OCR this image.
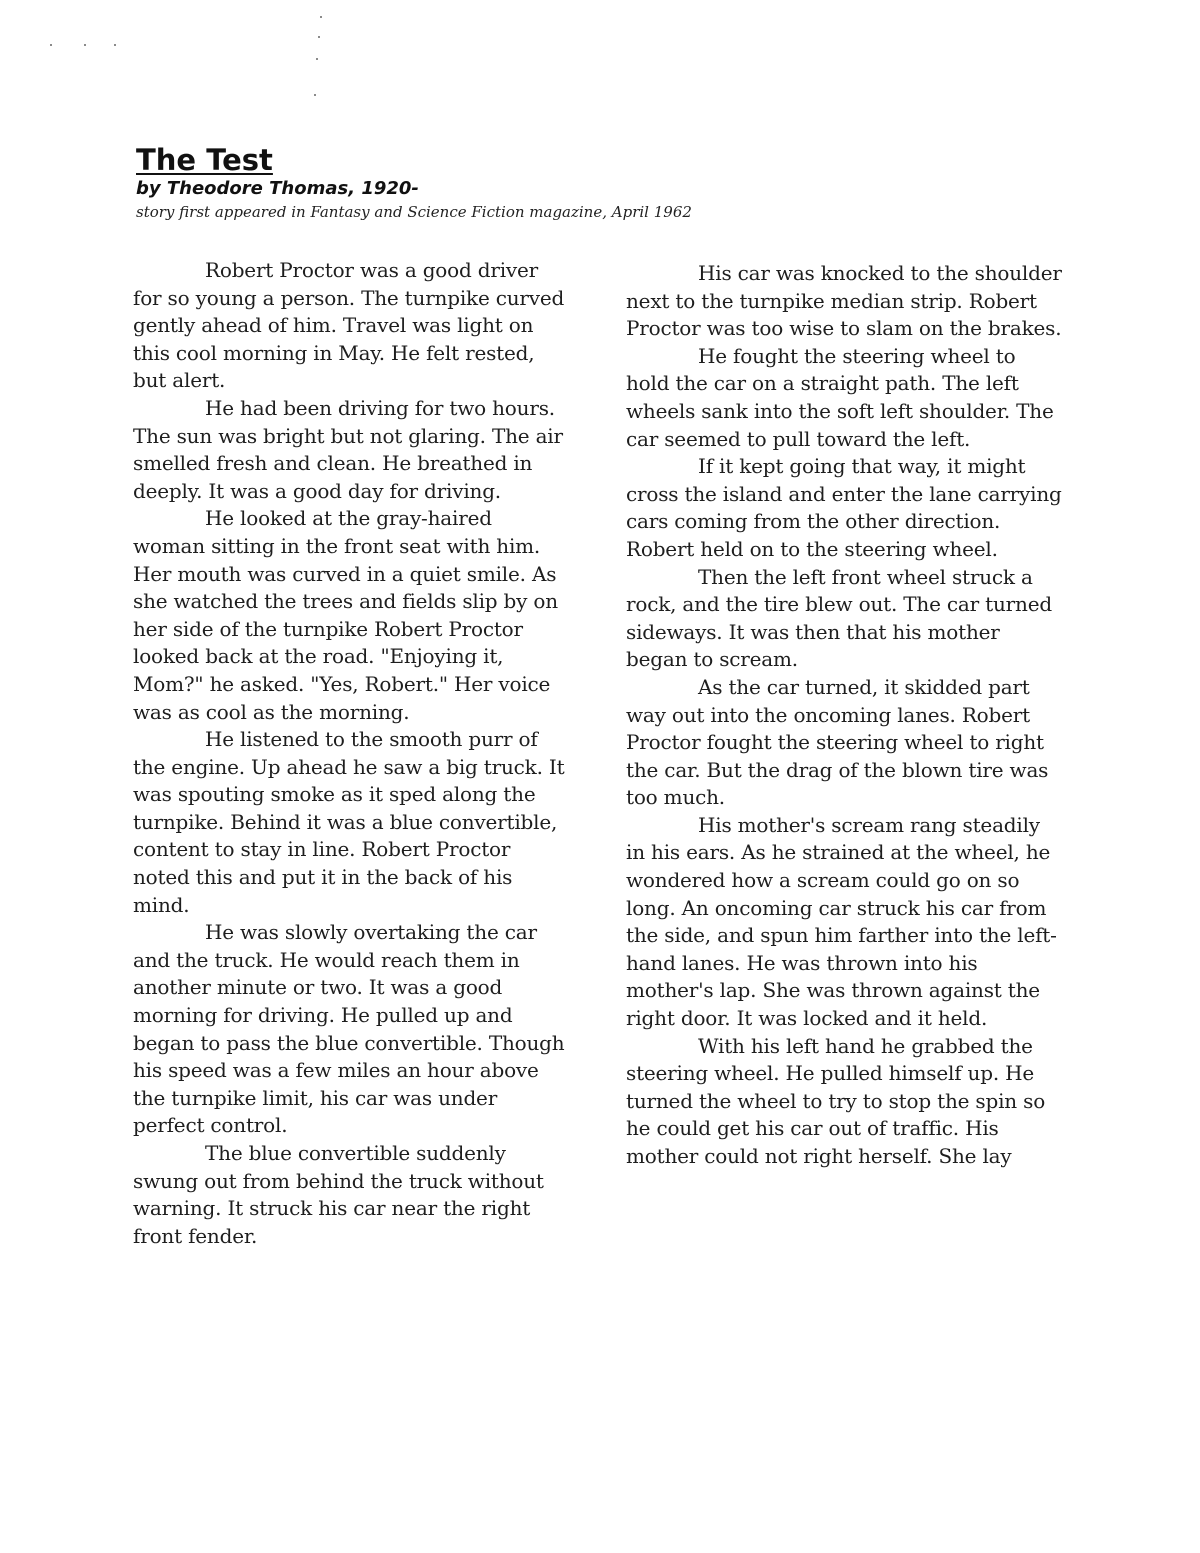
The Test

by Theodore Thomas, 1920-

story first appeared in Fantasy and Science Fiction magazine, April 1962

Robert Proctor was a good driver for so young a person. The turnpike curved gently ahead of him. Travel was light on this cool morning in May. He felt rested, but alert.

He had been driving for two hours. The sun was bright but not glaring. The air smelled fresh and clean. He breathed in deeply. It was a good day for driving.

He looked at the gray-haired woman sitting in the front seat with him. Her mouth was curved in a quiet smile. As she watched the trees and fields slip by on her side of the turnpike Robert Proctor looked back at the road. "Enjoying it, Mom?" he asked. "Yes, Robert." Her voice was as cool as the morning.

He listened to the smooth purr of the engine. Up ahead he saw a big truck. It was spouting smoke as it sped along the turnpike. Behind it was a blue convertible, content to stay in line. Robert Proctor noted this and put it in the back of his mind.

He was slowly overtaking the car and the truck. He would reach them in another minute or two. It was a good morning for driving. He pulled up and began to pass the blue convertible. Though his speed was a few miles an hour above the turnpike limit, his car was under perfect control.

The blue convertible suddenly swung out from behind the truck without warning. It struck his car near the right front fender.

His car was knocked to the shoulder next to the turnpike median strip. Robert Proctor was too wise to slam on the brakes.

He fought the steering wheel to hold the car on a straight path. The left wheels sank into the soft left shoulder. The car seemed to pull toward the left.

If it kept going that way, it might cross the island and enter the lane carrying cars coming from the other direction. Robert held on to the steering wheel.

Then the left front wheel struck a rock, and the tire blew out. The car turned sideways. It was then that his mother began to scream.

As the car turned, it skidded part way out into the oncoming lanes. Robert Proctor fought the steering wheel to right the car. But the drag of the blown tire was too much.

His mother's scream rang steadily in his ears. As he strained at the wheel, he wondered how a scream could go on so long. An oncoming car struck his car from the side, and spun him farther into the left-hand lanes. He was thrown into his mother's lap. She was thrown against the right door. It was locked and it held.

With his left hand he grabbed the steering wheel. He pulled himself up. He turned the wheel to try to stop the spin so he could get his car out of traffic. His mother could not right herself. She lay
